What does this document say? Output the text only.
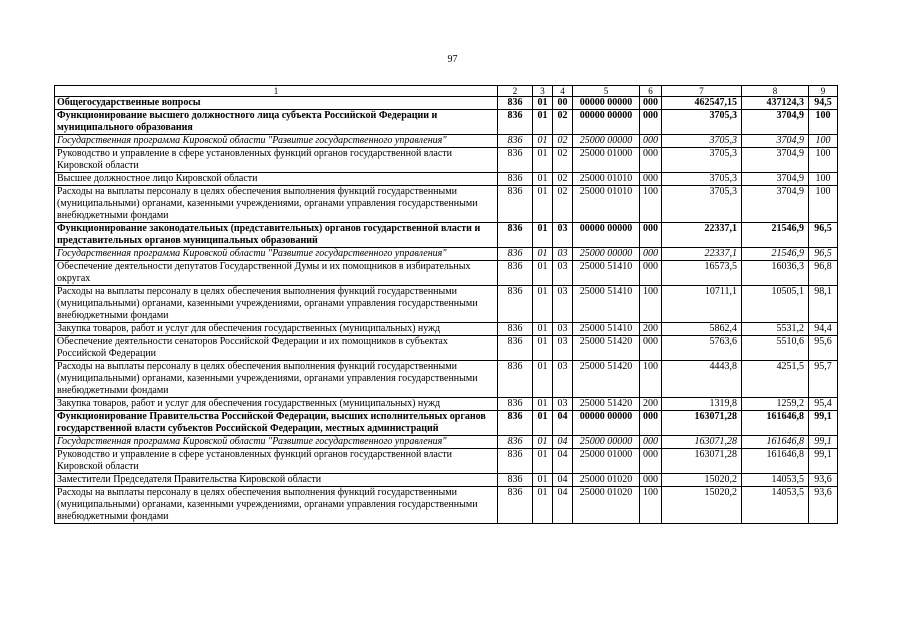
97
1	2	3	4	5	6	7	8	9
Общегосударственные вопросы	836	01	00	00000 00000	000	462547,15	437124,3	94,5
Функционирование высшего должностного лица субъекта Российской Федерации и муниципального образования	836	01	02	00000 00000	000	3705,3	3704,9	100
Государственная программа Кировской области "Развитие государственного управления"	836	01	02	25000 00000	000	3705,3	3704,9	100
Руководство и управление в сфере установленных функций органов государственной власти Кировской области	836	01	02	25000 01000	000	3705,3	3704,9	100
Высшее должностное лицо Кировской области	836	01	02	25000 01010	000	3705,3	3704,9	100
Расходы на выплаты персоналу в целях обеспечения выполнения функций государственными (муниципальными) органами, казенными учреждениями, органами управления государственными внебюджетными фондами	836	01	02	25000 01010	100	3705,3	3704,9	100
Функционирование законодательных (представительных) органов государственной власти и представительных органов муниципальных образований	836	01	03	00000 00000	000	22337,1	21546,9	96,5
Государственная программа Кировской области "Развитие государственного управления"	836	01	03	25000 00000	000	22337,1	21546,9	96,5
Обеспечение деятельности депутатов Государственной Думы и их помощников в избирательных округах	836	01	03	25000 51410	000	16573,5	16036,3	96,8
Расходы на выплаты персоналу в целях обеспечения выполнения функций государственными (муниципальными) органами, казенными учреждениями, органами управления государственными внебюджетными фондами	836	01	03	25000 51410	100	10711,1	10505,1	98,1
Закупка товаров, работ и услуг для обеспечения государственных (муниципальных) нужд	836	01	03	25000 51410	200	5862,4	5531,2	94,4
Обеспечение деятельности сенаторов Российской Федерации и их помощников в субъектах Российской Федерации	836	01	03	25000 51420	000	5763,6	5510,6	95,6
Расходы на выплаты персоналу в целях обеспечения выполнения функций государственными (муниципальными) органами, казенными учреждениями, органами управления государственными внебюджетными фондами	836	01	03	25000 51420	100	4443,8	4251,5	95,7
Закупка товаров, работ и услуг для обеспечения государственных (муниципальных) нужд	836	01	03	25000 51420	200	1319,8	1259,2	95,4
Функционирование Правительства Российской Федерации, высших исполнительных органов государственной власти субъектов Российской Федерации, местных администраций	836	01	04	00000 00000	000	163071,28	161646,8	99,1
Государственная программа Кировской области "Развитие государственного управления"	836	01	04	25000 00000	000	163071,28	161646,8	99,1
Руководство и управление в сфере установленных функций органов государственной власти Кировской области	836	01	04	25000 01000	000	163071,28	161646,8	99,1
Заместители Председателя Правительства Кировской области	836	01	04	25000 01020	000	15020,2	14053,5	93,6
Расходы на выплаты персоналу в целях обеспечения выполнения функций государственными (муниципальными) органами, казенными учреждениями, органами управления государственными внебюджетными фондами	836	01	04	25000 01020	100	15020,2	14053,5	93,6
